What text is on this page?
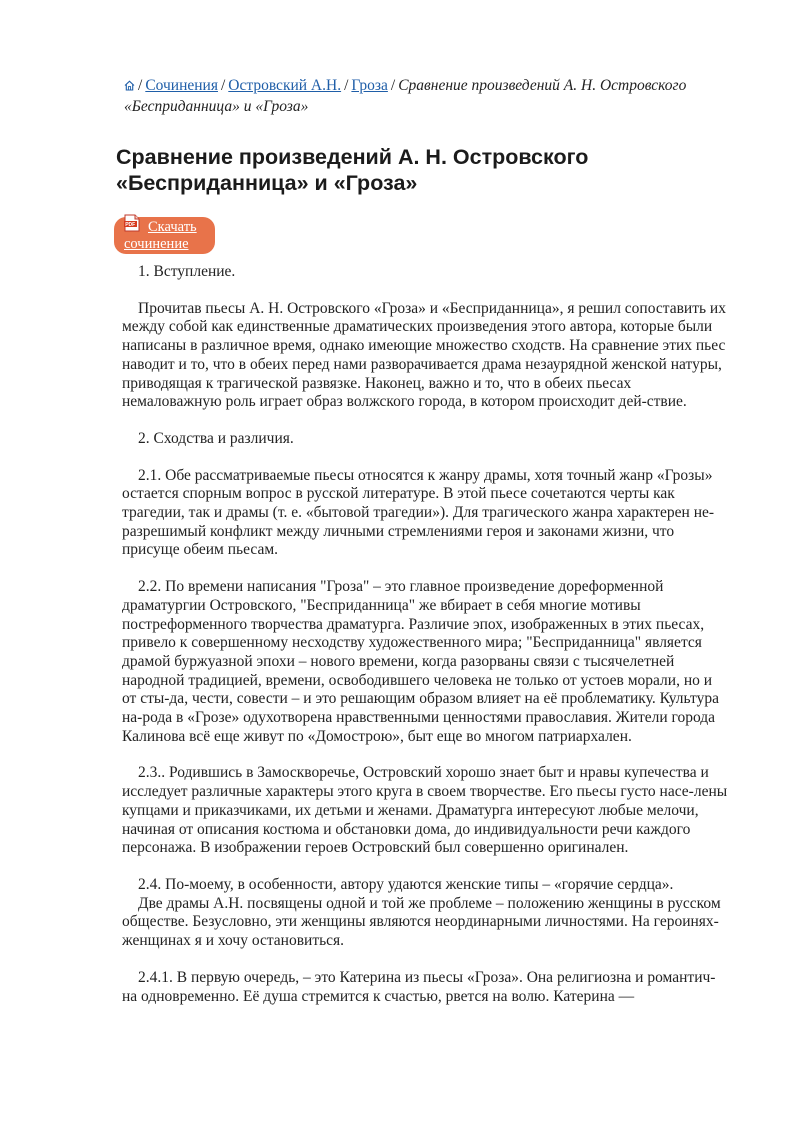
/ Сочинения / Островский А.Н. / Гроза / Сравнение произведений А. Н. Островского «Бесприданница» и «Гроза»
Сравнение произведений А. Н. Островского
«Бесприданница» и «Гроза»
PDF Скачать
сочинение

1. Вступление.

Прочитав пьесы А. Н. Островского «Гроза» и «Бесприданница», я решил сопоставить их между собой как единственные драматических произведения этого автора, которые были написаны в различное время, однако имеющие множество сходств. На сравнение этих пьес наводит и то, что в обеих перед нами разворачивается драма незаурядной женской натуры, приводящая к трагической развязке. Наконец, важно и то, что в обеих пьесах немаловажную роль играет образ волжского города, в котором происходит дей-ствие.

2. Сходства и различия.

2.1. Обе рассматриваемые пьесы относятся к жанру драмы, хотя точный жанр «Грозы» остается спорным вопрос в русской литературе. В этой пьесе сочетаются черты как трагедии, так и драмы (т. е. «бытовой трагедии»). Для трагического жанра характерен не-разрешимый конфликт между личными стремлениями героя и законами жизни, что присуще обеим пьесам.

2.2. По времени написания "Гроза" – это главное произведение дореформенной драматургии Островского, "Бесприданница" же вбирает в себя многие мотивы постреформенного творчества драматурга. Различие эпох, изображенных в этих пьесах, привело к совершенному несходству художественного мира; "Бесприданница" является драмой буржуазной эпохи – нового времени, когда разорваны связи с тысячелетней народной традицией, времени, освободившего человека не только от устоев морали, но и от сты-да, чести, совести – и это решающим образом влияет на её проблематику. Культура на-рода в «Грозе» одухотворена нравственными ценностями православия. Жители города Калинова всё еще живут по «Домострою», быт еще во многом патриархален.

2.3.. Родившись в Замоскворечье, Островский хорошо знает быт и нравы купечества и исследует различные характеры этого круга в своем творчестве. Его пьесы густо насе-лены купцами и приказчиками, их детьми и женами. Драматурга интересуют любые мелочи, начиная от описания костюма и обстановки дома, до индивидуальности речи каждого персонажа. В изображении героев Островский был совершенно оригинален.

2.4. По-моему, в особенности, автору удаются женские типы – «горячие сердца».

Две драмы А.Н. посвящены одной и той же проблеме – положению женщины в русском обществе. Безусловно, эти женщины являются неординарными личностями. На героинях-женщинах я и хочу остановиться.

2.4.1. В первую очередь, – это Катерина из пьесы «Гроза». Она религиозна и романтич-на одновременно. Её душа стремится к счастью, рвется на волю. Катерина —
